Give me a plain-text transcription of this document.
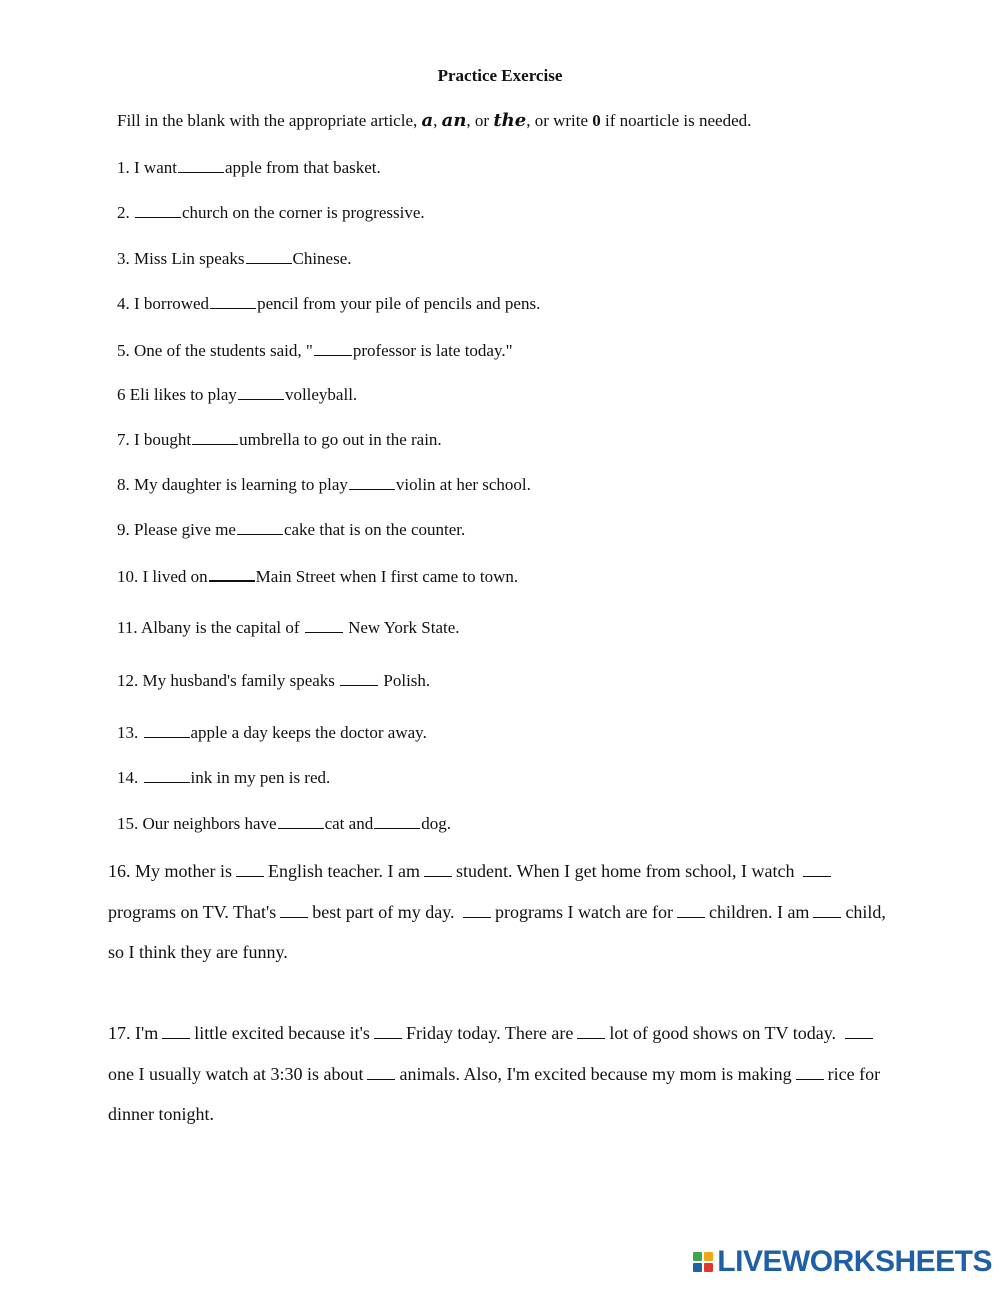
Practice Exercise
Fill in the blank with the appropriate article, a, an, or the, or write 0 if noarticle is needed.
1. I want	apple from that basket.
2.	church on the corner is progressive.
3. Miss Lin speaks	Chinese.
4. I borrowed	pencil from your pile of pencils and pens.
5. One of the students said, " professor is late today."
6 Eli likes to play	volleyball.
7. I bought	umbrella to go out in the rain.
8. My daughter is learning to play	violin at her school.
9. Please give me	cake that is on the counter.
10. I lived on	Main Street when I first came to town.
11. Albany is the capital of	New York State.
12. My husband's family speaks	Polish.
13.	apple a day keeps the doctor away.
14.	ink in my pen is red.
15. Our neighbors have	cat and	dog.
16. My mother is English teacher. I am student. When I get home from school, I watch programs on TV. That's best part of my day. programs I watch are for children. I am child, so I think they are funny.
17. I'm little excited because it's Friday today. There are lot of good shows on TV today. one I usually watch at 3:30 is about animals. Also, I'm excited because my mom is making rice for dinner tonight.
LIVEWORKSHEETS
